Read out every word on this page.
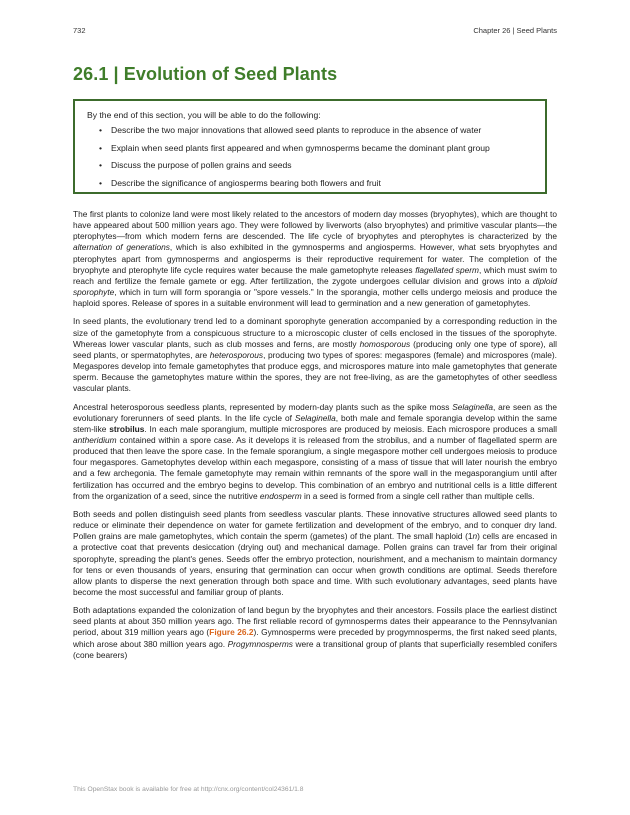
732	Chapter 26 | Seed Plants
26.1 | Evolution of Seed Plants

By the end of this section, you will be able to do the following:

• Describe the two major innovations that allowed seed plants to reproduce in the absence of water
• Explain when seed plants first appeared and when gymnosperms became the dominant plant group
• Discuss the purpose of pollen grains and seeds
• Describe the significance of angiosperms bearing both flowers and fruit

The first plants to colonize land were most likely related to the ancestors of modern day mosses (bryophytes), which are thought to have appeared about 500 million years ago. They were followed by liverworts (also bryophytes) and primitive vascular plants—the pterophytes—from which modern ferns are descended. The life cycle of bryophytes and pterophytes is characterized by the alternation of generations, which is also exhibited in the gymnosperms and angiosperms. However, what sets bryophytes and pterophytes apart from gymnosperms and angiosperms is their reproductive requirement for water. The completion of the bryophyte and pterophyte life cycle requires water because the male gametophyte releases flagellated sperm, which must swim to reach and fertilize the female gamete or egg. After fertilization, the zygote undergoes cellular division and grows into a diploid sporophyte, which in turn will form sporangia or "spore vessels." In the sporangia, mother cells undergo meiosis and produce the haploid spores. Release of spores in a suitable environment will lead to germination and a new generation of gametophytes.

In seed plants, the evolutionary trend led to a dominant sporophyte generation accompanied by a corresponding reduction in the size of the gametophyte from a conspicuous structure to a microscopic cluster of cells enclosed in the tissues of the sporophyte. Whereas lower vascular plants, such as club mosses and ferns, are mostly homosporous (producing only one type of spore), all seed plants, or spermatophytes, are heterosporous, producing two types of spores: megaspores (female) and microspores (male). Megaspores develop into female gametophytes that produce eggs, and microspores mature into male gametophytes that generate sperm. Because the gametophytes mature within the spores, they are not free-living, as are the gametophytes of other seedless vascular plants.

Ancestral heterosporous seedless plants, represented by modern-day plants such as the spike moss Selaginella, are seen as the evolutionary forerunners of seed plants. In the life cycle of Selaginella, both male and female sporangia develop within the same stem-like strobilus. In each male sporangium, multiple microspores are produced by meiosis. Each microspore produces a small antheridium contained within a spore case. As it develops it is released from the strobilus, and a number of flagellated sperm are produced that then leave the spore case. In the female sporangium, a single megaspore mother cell undergoes meiosis to produce four megaspores. Gametophytes develop within each megaspore, consisting of a mass of tissue that will later nourish the embryo and a few archegonia. The female gametophyte may remain within remnants of the spore wall in the megasporangium until after fertilization has occurred and the embryo begins to develop. This combination of an embryo and nutritional cells is a little different from the organization of a seed, since the nutritive endosperm in a seed is formed from a single cell rather than multiple cells.

Both seeds and pollen distinguish seed plants from seedless vascular plants. These innovative structures allowed seed plants to reduce or eliminate their dependence on water for gamete fertilization and development of the embryo, and to conquer dry land. Pollen grains are male gametophytes, which contain the sperm (gametes) of the plant. The small haploid (1n) cells are encased in a protective coat that prevents desiccation (drying out) and mechanical damage. Pollen grains can travel far from their original sporophyte, spreading the plant's genes. Seeds offer the embryo protection, nourishment, and a mechanism to maintain dormancy for tens or even thousands of years, ensuring that germination can occur when growth conditions are optimal. Seeds therefore allow plants to disperse the next generation through both space and time. With such evolutionary advantages, seed plants have become the most successful and familiar group of plants.

Both adaptations expanded the colonization of land begun by the bryophytes and their ancestors. Fossils place the earliest distinct seed plants at about 350 million years ago. The first reliable record of gymnosperms dates their appearance to the Pennsylvanian period, about 319 million years ago (Figure 26.2). Gymnosperms were preceded by progymnosperms, the first naked seed plants, which arose about 380 million years ago. Progymnosperms were a transitional group of plants that superficially resembled conifers (cone bearers)

This OpenStax book is available for free at http://cnx.org/content/col24361/1.8
